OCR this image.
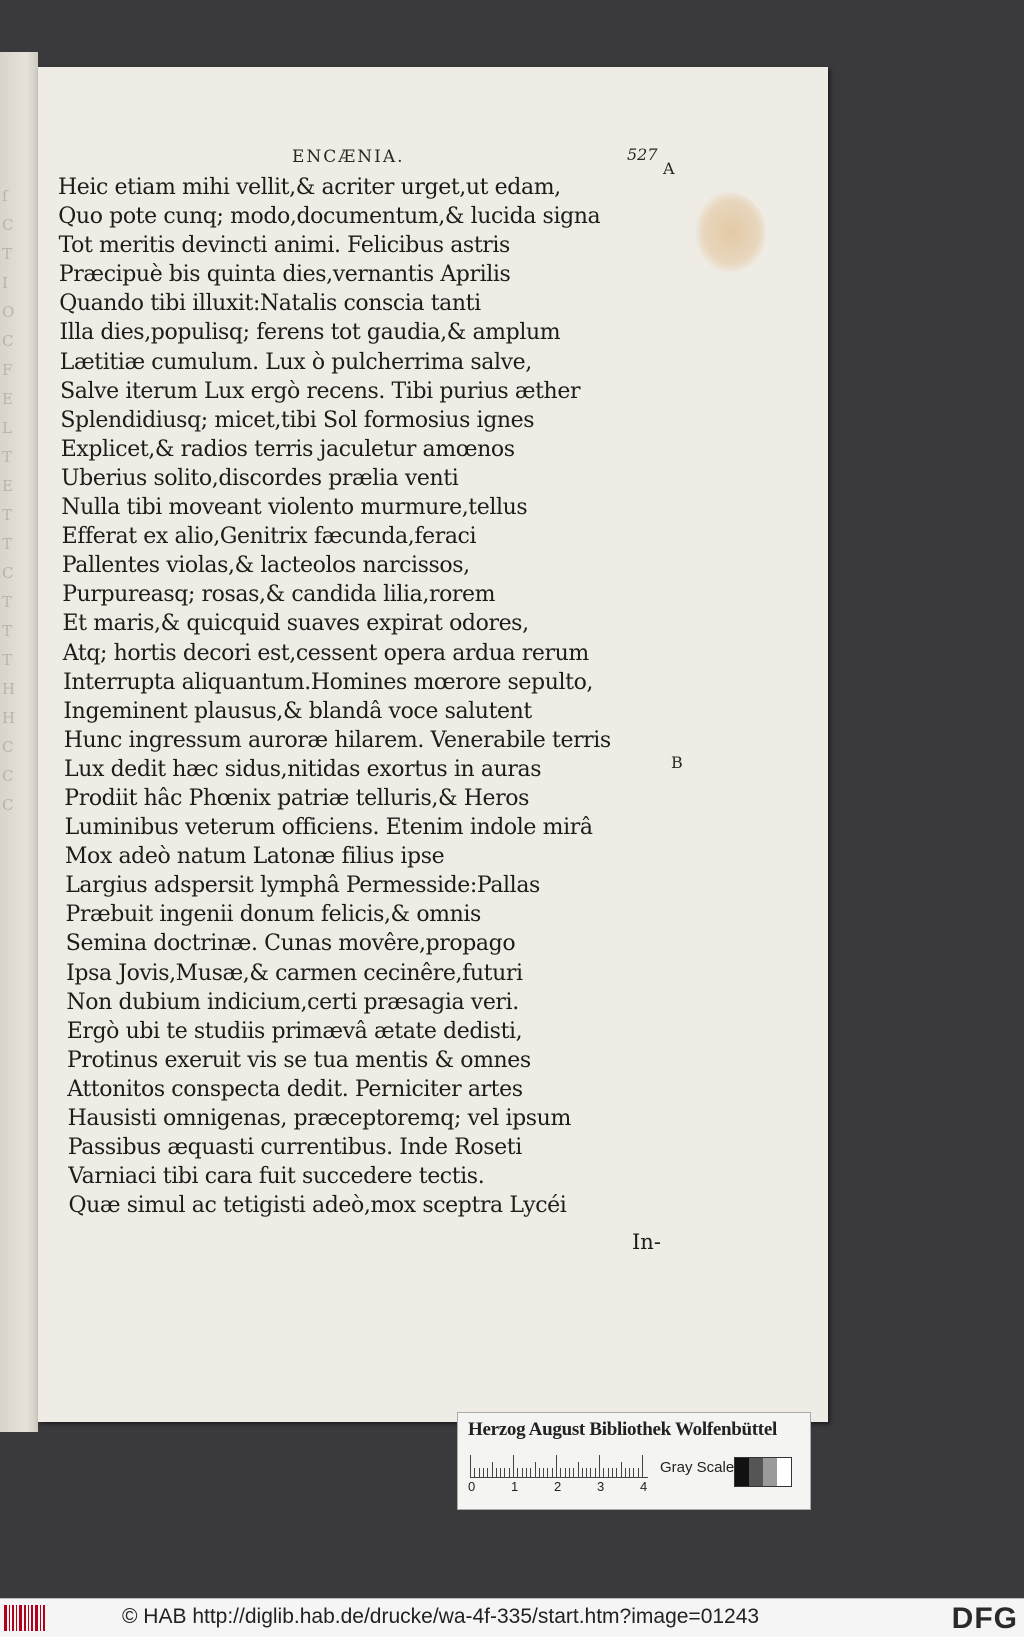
ſ
C
T
I
O
C
F
E
L
T
E
T
T
C
T
T
T
H
H
C
C
C
ENCÆNIA.	527
A
B
Heic etiam mihi vellit,& acriter urget,ut edam,
Quo pote cunq; modo,documentum,& lucida signa
Tot meritis devincti animi. Felicibus astris
Præcipuè bis quinta dies,vernantis Aprilis
Quando tibi illuxit:Natalis conscia tanti
Illa dies,populisq; ferens tot gaudia,& amplum
Lætitiæ cumulum. Lux ò pulcherrima salve,
Salve iterum Lux ergò recens. Tibi purius æther
Splendidiusq; micet,tibi Sol formosius ignes
Explicet,& radios terris jaculetur amœnos
Uberius solito,discordes prælia venti
Nulla tibi moveant violento murmure,tellus
Efferat ex alio,Genitrix fæcunda,feraci
Pallentes violas,& lacteolos narcissos,
Purpureasq; rosas,& candida lilia,rorem
Et maris,& quicquid suaves expirat odores,
Atq; hortis decori est,cessent opera ardua rerum
Interrupta aliquantum.Homines mœrore sepulto,
Ingeminent plausus,& blandâ voce salutent
Hunc ingressum auroræ hilarem. Venerabile terris
Lux dedit hæc sidus,nitidas exortus in auras
Prodiit hâc Phœnix patriæ telluris,& Heros
Luminibus veterum officiens. Etenim indole mirâ
Mox adeò natum Latonæ filius ipse
Largius adspersit lymphâ Permesside:Pallas
Præbuit ingenii donum felicis,& omnis
Semina doctrinæ. Cunas movêre,propago
Ipsa Jovis,Musæ,& carmen cecinêre,futuri
Non dubium indicium,certi præsagia veri.
Ergò ubi te studiis primævâ ætate dedisti,
Protinus exeruit vis se tua mentis & omnes
Attonitos conspecta dedit. Perniciter artes
Hausisti omnigenas, præceptoremq; vel ipsum
Passibus æquasti currentibus. Inde Roseti
Varniaci tibi cara fuit succedere tectis.
Quæ simul ac tetigisti adeò,mox sceptra Lycéi
In-
Herzog August Bibliothek Wolfenbüttel
0	1	2	3	4
Gray Scale
© HAB http://diglib.hab.de/drucke/wa-4f-335/start.htm?image=01243	DFG
